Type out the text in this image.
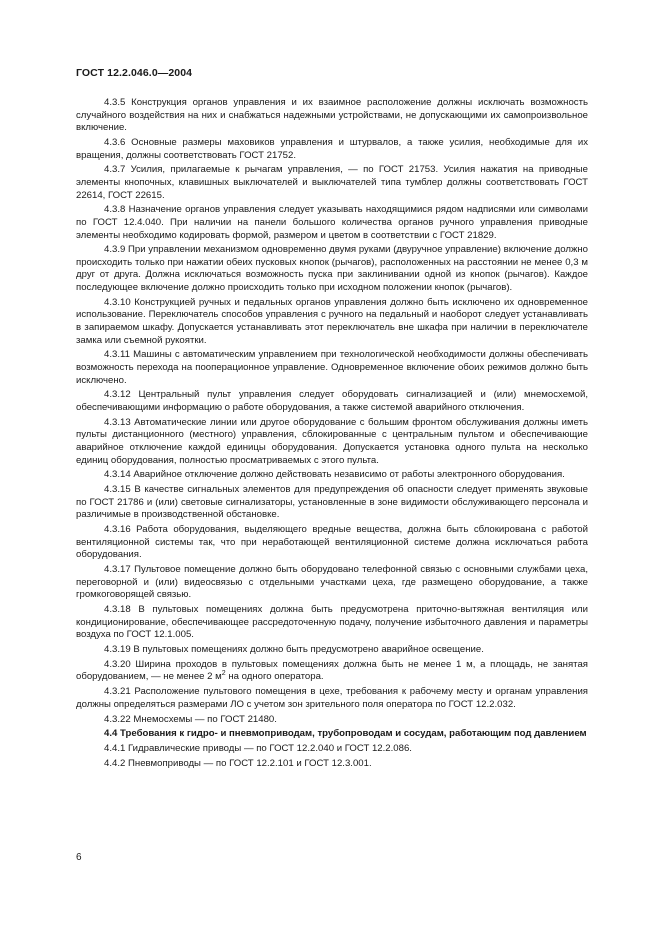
ГОСТ 12.2.046.0—2004

4.3.5 Конструкция органов управления и их взаимное расположение должны исключать возможность случайного воздействия на них и снабжаться надежными устройствами, не допускающими их самопроизвольное включение.

4.3.6 Основные размеры маховиков управления и штурвалов, а также усилия, необходимые для их вращения, должны соответствовать ГОСТ 21752.

4.3.7 Усилия, прилагаемые к рычагам управления, — по ГОСТ 21753. Усилия нажатия на приводные элементы кнопочных, клавишных выключателей и выключателей типа тумблер должны соответствовать ГОСТ 22614, ГОСТ 22615.

4.3.8 Назначение органов управления следует указывать находящимися рядом надписями или символами по ГОСТ 12.4.040. При наличии на панели большого количества органов ручного управления приводные элементы необходимо кодировать формой, размером и цветом в соответствии с ГОСТ 21829.

4.3.9 При управлении механизмом одновременно двумя руками (двуручное управление) включение должно происходить только при нажатии обеих пусковых кнопок (рычагов), расположенных на расстоянии не менее 0,3 м друг от друга. Должна исключаться возможность пуска при заклинивании одной из кнопок (рычагов). Каждое последующее включение должно происходить только при исходном положении кнопок (рычагов).

4.3.10 Конструкцией ручных и педальных органов управления должно быть исключено их одновременное использование. Переключатель способов управления с ручного на педальный и наоборот следует устанавливать в запираемом шкафу. Допускается устанавливать этот переключатель вне шкафа при наличии в переключателе замка или съемной рукоятки.

4.3.11 Машины с автоматическим управлением при технологической необходимости должны обеспечивать возможность перехода на пооперационное управление. Одновременное включение обоих режимов должно быть исключено.

4.3.12 Центральный пульт управления следует оборудовать сигнализацией и (или) мнемосхемой, обеспечивающими информацию о работе оборудования, а также системой аварийного отключения.

4.3.13 Автоматические линии или другое оборудование с большим фронтом обслуживания должны иметь пульты дистанционного (местного) управления, сблокированные с центральным пультом и обеспечивающие аварийное отключение каждой единицы оборудования. Допускается установка одного пульта на несколько единиц оборудования, полностью просматриваемых с этого пульта.

4.3.14 Аварийное отключение должно действовать независимо от работы электронного оборудования.

4.3.15 В качестве сигнальных элементов для предупреждения об опасности следует применять звуковые по ГОСТ 21786 и (или) световые сигнализаторы, установленные в зоне видимости обслуживающего персонала и различимые в производственной обстановке.

4.3.16 Работа оборудования, выделяющего вредные вещества, должна быть сблокирована с работой вентиляционной системы так, что при неработающей вентиляционной системе должна исключаться работа оборудования.

4.3.17 Пультовое помещение должно быть оборудовано телефонной связью с основными службами цеха, переговорной и (или) видеосвязью с отдельными участками цеха, где размещено оборудование, а также громкоговорящей связью.

4.3.18 В пультовых помещениях должна быть предусмотрена приточно-вытяжная вентиляция или кондиционирование, обеспечивающее рассредоточенную подачу, получение избыточного давления и параметры воздуха по ГОСТ 12.1.005.

4.3.19 В пультовых помещениях должно быть предусмотрено аварийное освещение.

4.3.20 Ширина проходов в пультовых помещениях должна быть не менее 1 м, а площадь, не занятая оборудованием, — не менее 2 $м^2$ на одного оператора.

4.3.21 Расположение пультового помещения в цехе, требования к рабочему месту и органам управления должны определяться размерами ЛО с учетом зон зрительного поля оператора по ГОСТ 12.2.032.

4.3.22 Мнемосхемы — по ГОСТ 21480.

4.4 Требования к гидро- и пневмоприводам, трубопроводам и сосудам, работающим под давлением

4.4.1 Гидравлические приводы — по ГОСТ 12.2.040 и ГОСТ 12.2.086.

4.4.2 Пневмоприводы — по ГОСТ 12.2.101 и ГОСТ 12.3.001.

6
